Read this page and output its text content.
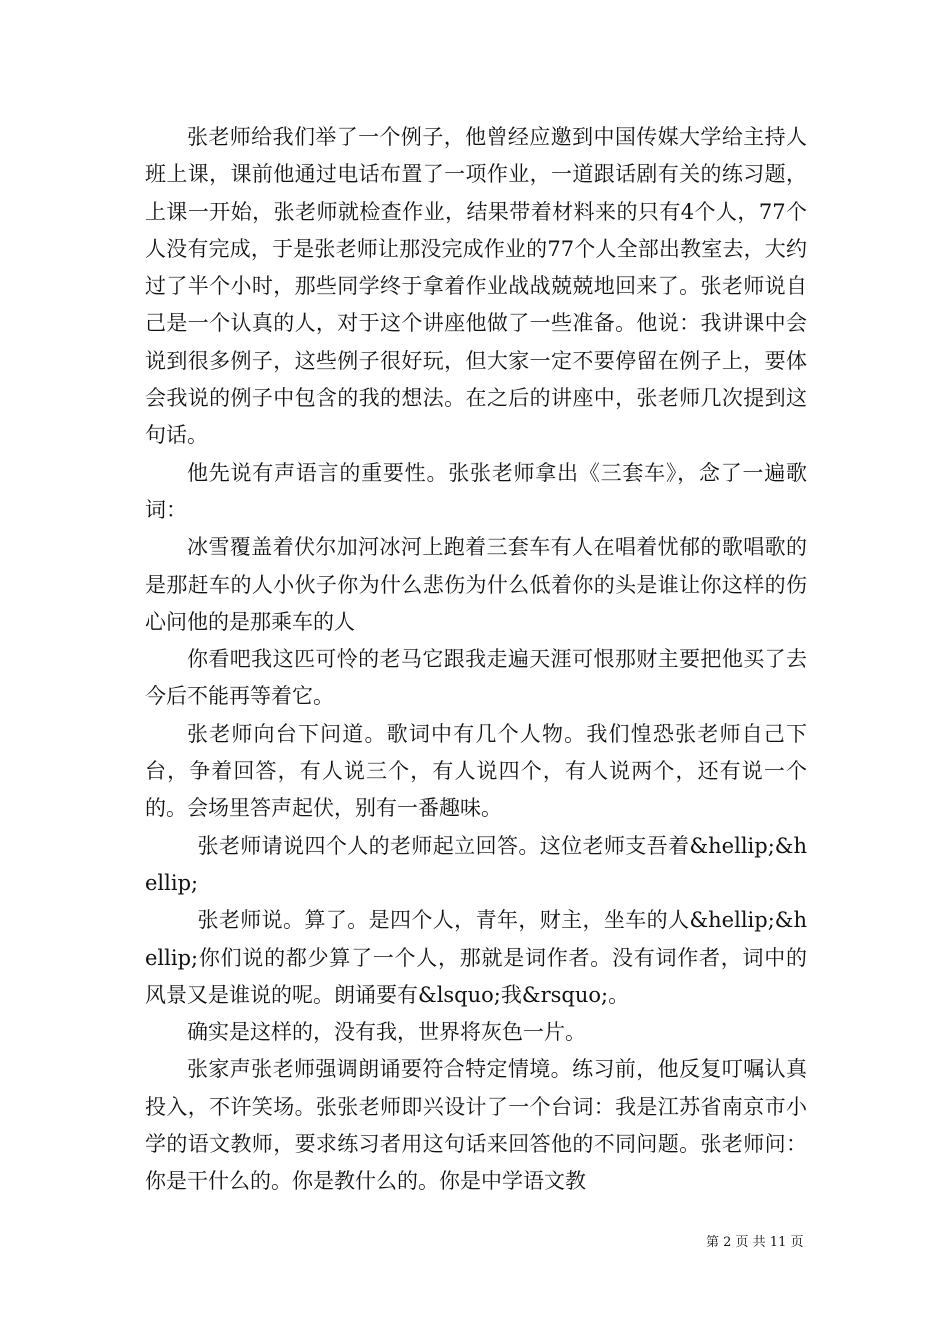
张老师给我们举了一个例子，他曾经应邀到中国传媒大学给主持人班上课，课前他通过电话布置了一项作业，一道跟话剧有关的练习题，上课一开始，张老师就检查作业，结果带着材料来的只有4个人，77个人没有完成，于是张老师让那没完成作业的77个人全部出教室去，大约过了半个小时，那些同学终于拿着作业战战兢兢地回来了。张老师说自己是一个认真的人，对于这个讲座他做了一些准备。他说：我讲课中会说到很多例子，这些例子很好玩，但大家一定不要停留在例子上，要体会我说的例子中包含的我的想法。在之后的讲座中，张老师几次提到这句话。

他先说有声语言的重要性。张张老师拿出《三套车》，念了一遍歌词：

冰雪覆盖着伏尔加河冰河上跑着三套车有人在唱着忧郁的歌唱歌的是那赶车的人小伙子你为什么悲伤为什么低着你的头是谁让你这样的伤心问他的是那乘车的人

你看吧我这匹可怜的老马它跟我走遍天涯可恨那财主要把他买了去今后不能再等着它。

张老师向台下问道。歌词中有几个人物。我们惶恐张老师自己下台，争着回答，有人说三个，有人说四个，有人说两个，还有说一个的。会场里答声起伏，别有一番趣味。

张老师请说四个人的老师起立回答。这位老师支吾着&hellip;&hellip;

张老师说。算了。是四个人，青年，财主，坐车的人&hellip;&hellip;你们说的都少算了一个人，那就是词作者。没有词作者，词中的风景又是谁说的呢。朗诵要有&lsquo;我&rsquo;。

确实是这样的，没有我，世界将灰色一片。

张家声张老师强调朗诵要符合特定情境。练习前，他反复叮嘱认真投入，不许笑场。张张老师即兴设计了一个台词：我是江苏省南京市小学的语文教师，要求练习者用这句话来回答他的不同问题。张老师问：你是干什么的。你是教什么的。你是中学语文教

第 2 页 共 11 页
